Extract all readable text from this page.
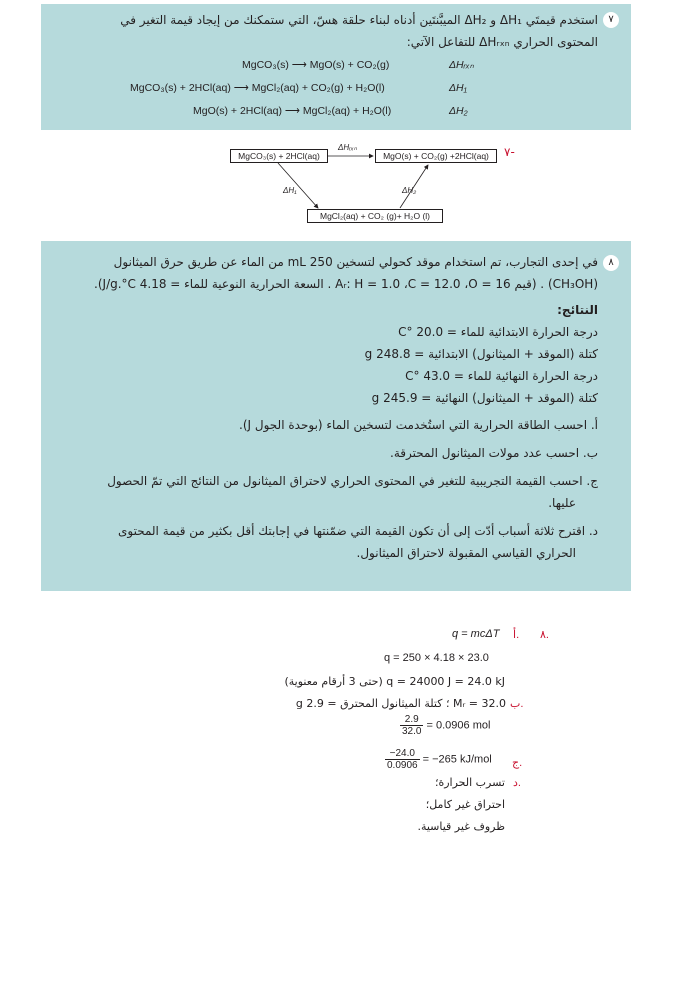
٧
استخدم قيمتَي ΔH₁ و ΔH₂ الميبَّنتَين أدناه لبناء حلقة هسّ، التي ستمكنك من إيجاد قيمة التغير في
المحتوى الحراري ΔHᵣₓₙ للتفاعل الآتي:
MgCO₃(s) ⟶ MgO(s) + CO₂(g)	ΔHᵣₓₙ
MgCO₃(s) + 2HCl(aq) ⟶ MgCl₂(aq) + CO₂(g) + H₂O(l)	ΔH₁
MgO(s) + 2HCl(aq) ⟶ MgCl₂(aq) + H₂O(l)	ΔH₂
٧-
MgCO₃(s) + 2HCl(aq)	MgO(s) + CO₂(g) +2HCl(aq)
MgCl₂(aq) + CO₂ (g)+ H₂O (l)
ΔHᵣₓₙ
ΔH₁	ΔH₂
٨
في إحدى التجارب، تم استخدام موقد كحولي لتسخين 250 mL من الماء عن طريق حرق الميثانول
(CH₃OH) . (قيم Aᵣ: H = 1.0 ،C = 12.0 ،O = 16 . السعة الحرارية النوعية للماء = 4.18 J/g.°C).
النتائج:
درجة الحرارة الابتدائية للماء = 20.0 °C
كتلة (الموقد + الميثانول) الابتدائية = 248.8 g
درجة الحرارة النهائية للماء = 43.0 °C
كتلة (الموقد + الميثانول) النهائية = 245.9 g
أ. احسب الطاقة الحرارية التي استُخدمت لتسخين الماء (بوحدة الجول J).
ب. احسب عدد مولات الميثانول المحترقة.
ج. احسب القيمة التجريبية للتغير في المحتوى الحراري لاحتراق الميثانول من النتائج التي تمّ الحصول
عليها.
د. اقترح ثلاثة أسباب أدّت إلى أن تكون القيمة التي ضمّنتها في إجابتك أقل بكثير من قيمة المحتوى
الحراري القياسي المقبولة لاحتراق الميثانول.
٨.
أ.
q = mcΔT
q = 250 × 4.18 × 23.0
q = 24000 J = 24.0 kJ (حتى 3 أرقام معنوية)
ب.
Mᵣ = 32.0 ؛ كتلة الميثانول المحترق = 2.9 g
$\frac{2.9}{32.0} = 0.0906$ mol
ج.
$\frac{-24.0}{0.0906} = -265$ kJ/mol
د.
تسرب الحرارة؛
احتراق غير كامل؛
ظروف غير قياسية.
